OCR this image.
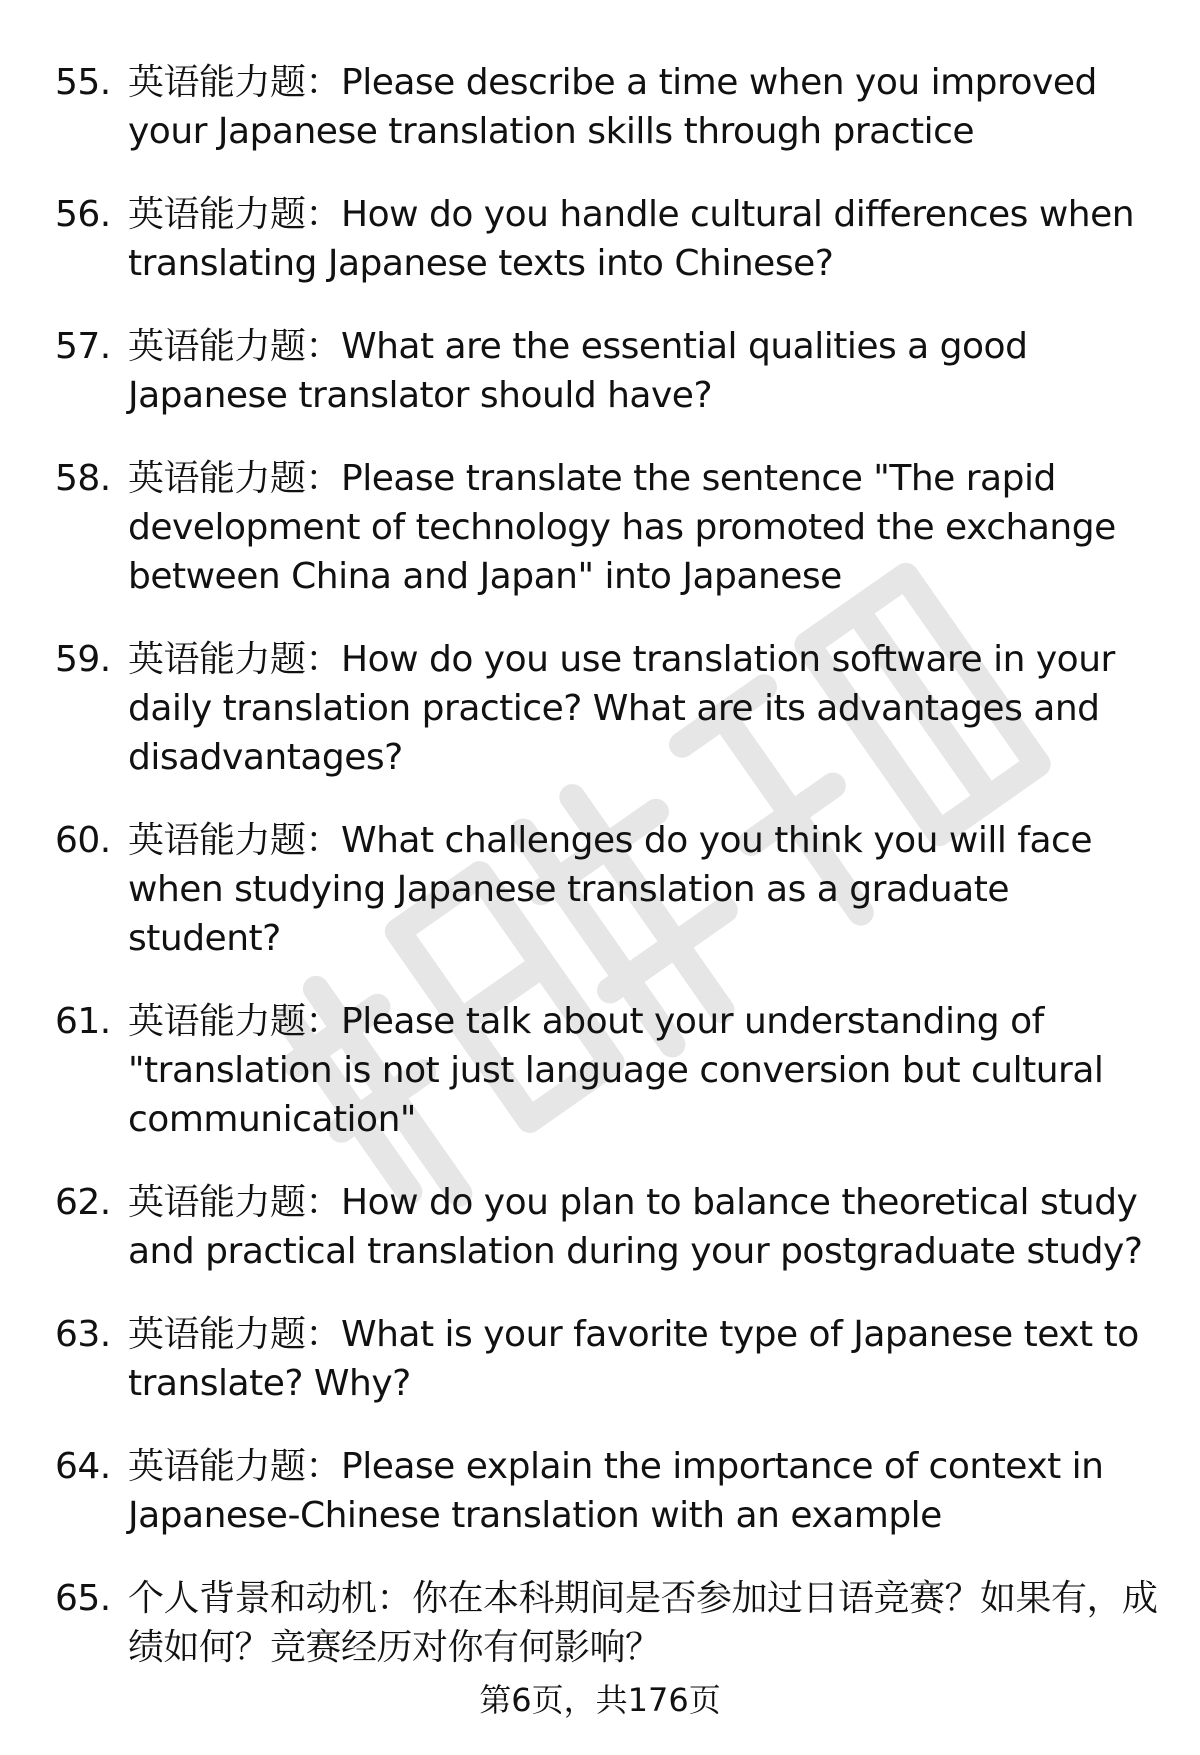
55. 英语能力题：Please describe a time when you improved your Japanese translation skills through practice
56. 英语能力题：How do you handle cultural differences when translating Japanese texts into Chinese?
57. 英语能力题：What are the essential qualities a good Japanese translator should have?
58. 英语能力题：Please translate the sentence "The rapid development of technology has promoted the exchange between China and Japan" into Japanese
59. 英语能力题：How do you use translation software in your daily translation practice? What are its advantages and disadvantages?
60. 英语能力题：What challenges do you think you will face when studying Japanese translation as a graduate student?
61. 英语能力题：Please talk about your understanding of "translation is not just language conversion but cultural communication"
62. 英语能力题：How do you plan to balance theoretical study and practical translation during your postgraduate study?
63. 英语能力题：What is your favorite type of Japanese text to translate? Why?
64. 英语能力题：Please explain the importance of context in Japanese-Chinese translation with an example
65. 个人背景和动机：你在本科期间是否参加过日语竞赛？如果有，成绩如何？竞赛经历对你有何影响？
第6页，共176页
